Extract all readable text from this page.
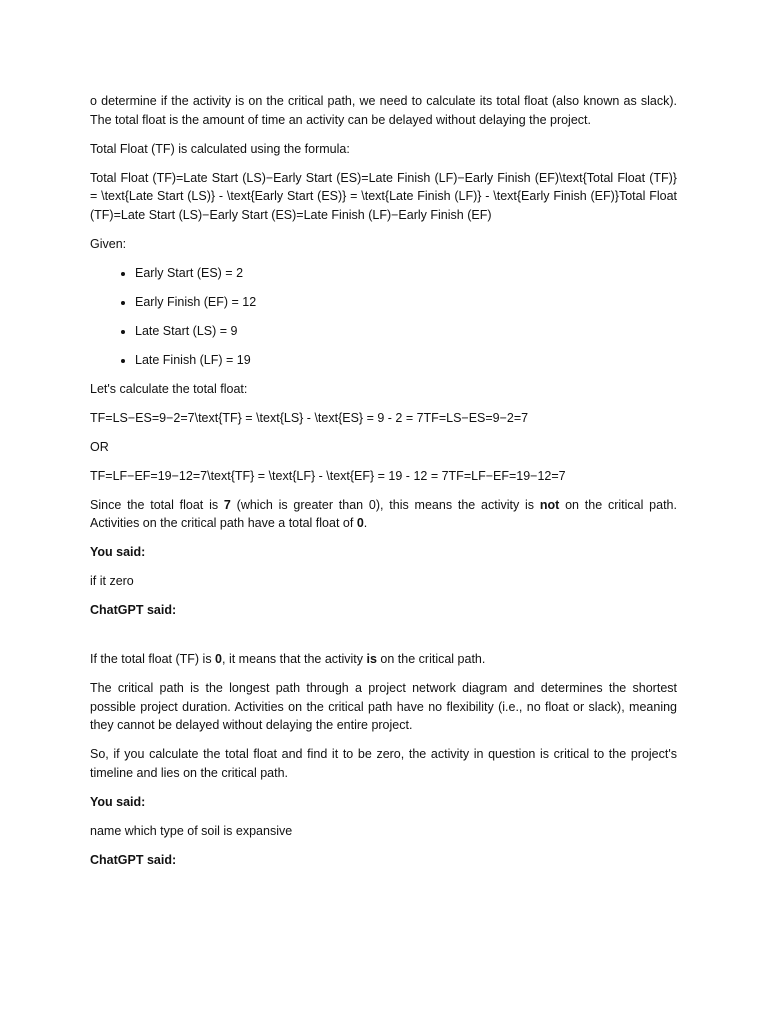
o determine if the activity is on the critical path, we need to calculate its total float (also known as slack). The total float is the amount of time an activity can be delayed without delaying the project.

Total Float (TF) is calculated using the formula:

Total Float (TF)=Late Start (LS)−Early Start (ES)=Late Finish (LF)−Early Finish (EF)\text{Total Float (TF)} = \text{Late Start (LS)} - \text{Early Start (ES)} = \text{Late Finish (LF)} - \text{Early Finish (EF)}Total Float (TF)=Late Start (LS)−Early Start (ES)=Late Finish (LF)−Early Finish (EF)

Given:

• Early Start (ES) = 2
• Early Finish (EF) = 12
• Late Start (LS) = 9
• Late Finish (LF) = 19

Let's calculate the total float:

TF=LS−ES=9−2=7\text{TF} = \text{LS} - \text{ES} = 9 - 2 = 7TF=LS−ES=9−2=7

OR

TF=LF−EF=19−12=7\text{TF} = \text{LF} - \text{EF} = 19 - 12 = 7TF=LF−EF=19−12=7

Since the total float is 7 (which is greater than 0), this means the activity is not on the critical path. Activities on the critical path have a total float of 0.

You said:

if it zero

ChatGPT said:

If the total float (TF) is 0, it means that the activity is on the critical path.

The critical path is the longest path through a project network diagram and determines the shortest possible project duration. Activities on the critical path have no flexibility (i.e., no float or slack), meaning they cannot be delayed without delaying the entire project.

So, if you calculate the total float and find it to be zero, the activity in question is critical to the project's timeline and lies on the critical path.

You said:

name which type of soil is expansive

ChatGPT said:
